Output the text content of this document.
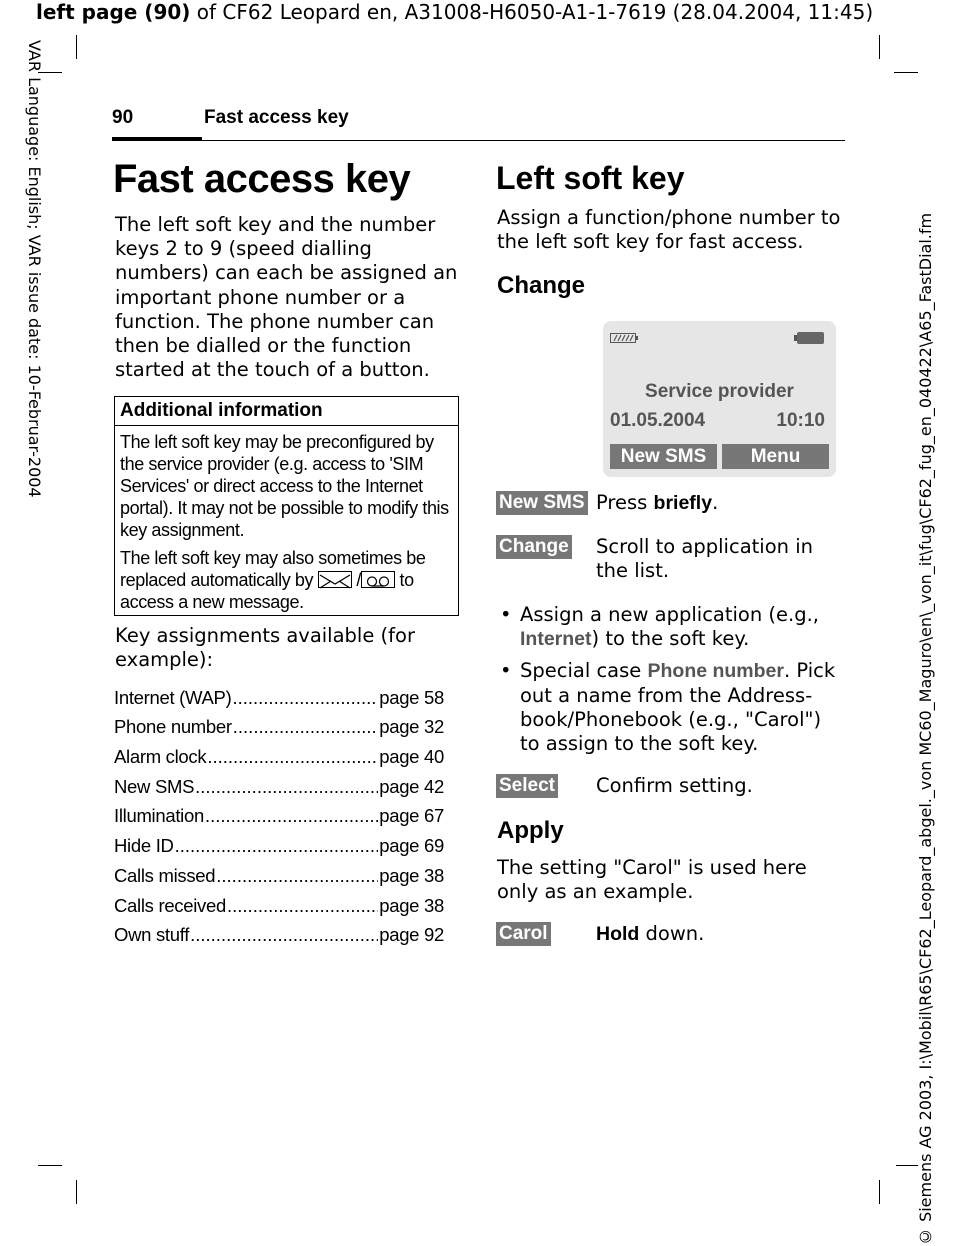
left page (90) of CF62 Leopard en, A31008-H6050-A1-1-7619 (28.04.2004, 11:45)
VAR Language: English; VAR issue date: 10-Februar-2004	© Siemens AG 2003, I:\Mobil\R65\CF62_Leopard_abgel._von MC60_Maguro\en\_von_it\fug\CF62_fug_en_040422\A65_FastDial.fm
90	Fast access key
Fast access key
The left soft key and the number keys 2 to 9 (speed dialling numbers) can each be assigned an important phone number or a function. The phone number can then be dialled or the function started at the touch of a button.
Additional information
The left soft key may be preconfigured by the service provider (e.g. access to 'SIM Services' or direct access to the Internet portal). It may not be possible to modify this key assignment.
The left soft key may also sometimes be replaced automatically by  / to access a new message.
Key assignments available (for example):
Internet (WAP) .....	page 58
Phone number .....	page 32
Alarm clock .....	page 40
New SMS .....	page 42
Illumination .....	page 67
Hide ID .....	page 69
Calls missed .....	page 38
Calls received .....	page 38
Own stuff .....	page 92
Left soft key
Assign a function/phone number to the left soft key for fast access.
Change
Service provider
01.05.2004	10:10
New SMS	Menu
New SMS Press briefly.
Change Scroll to application in the list.
• Assign a new application (e.g., Internet) to the soft key.
• Special case Phone number. Pick out a name from the Address-book/Phonebook (e.g., "Carol") to assign to the soft key.
Select Confirm setting.
Apply
The setting "Carol" is used here only as an example.
Carol Hold down.
